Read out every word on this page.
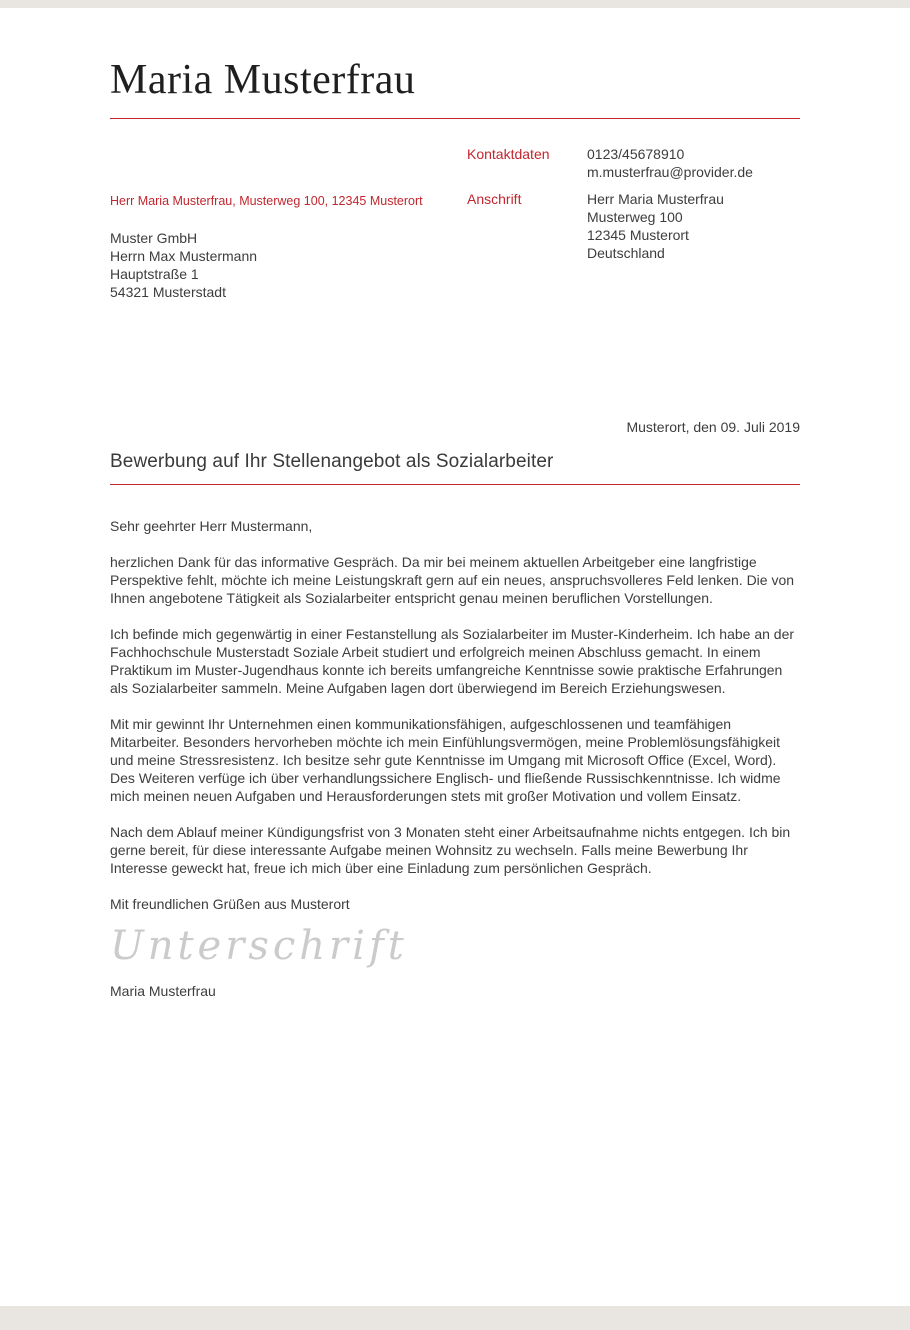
Maria Musterfrau
Kontaktdaten	0123/45678910
m.musterfrau@provider.de
Herr Maria Musterfrau, Musterweg 100, 12345 Musterort	Anschrift	Herr Maria Musterfrau
Musterweg 100
12345 Musterort
Deutschland
Muster GmbH
Herrn Max Mustermann
Hauptstraße 1
54321 Musterstadt
Musterort, den 09. Juli 2019
Bewerbung auf Ihr Stellenangebot als Sozialarbeiter

Sehr geehrter Herr Mustermann,

herzlichen Dank für das informative Gespräch. Da mir bei meinem aktuellen Arbeitgeber eine langfristige Perspektive fehlt, möchte ich meine Leistungskraft gern auf ein neues, anspruchsvolleres Feld lenken. Die von Ihnen angebotene Tätigkeit als Sozialarbeiter entspricht genau meinen beruflichen Vorstellungen.

Ich befinde mich gegenwärtig in einer Festanstellung als Sozialarbeiter im Muster-Kinderheim. Ich habe an der Fachhochschule Musterstadt Soziale Arbeit studiert und erfolgreich meinen Abschluss gemacht. In einem Praktikum im Muster-Jugendhaus konnte ich bereits umfangreiche Kenntnisse sowie praktische Erfahrungen als Sozialarbeiter sammeln. Meine Aufgaben lagen dort überwiegend im Bereich Erziehungswesen.

Mit mir gewinnt Ihr Unternehmen einen kommunikationsfähigen, aufgeschlossenen und teamfähigen Mitarbeiter. Besonders hervorheben möchte ich mein Einfühlungsvermögen, meine Problemlösungsfähigkeit und meine Stressresistenz. Ich besitze sehr gute Kenntnisse im Umgang mit Microsoft Office (Excel, Word). Des Weiteren verfüge ich über verhandlungssichere Englisch- und fließende Russischkenntnisse. Ich widme mich meinen neuen Aufgaben und Herausforderungen stets mit großer Motivation und vollem Einsatz.

Nach dem Ablauf meiner Kündigungsfrist von 3 Monaten steht einer Arbeitsaufnahme nichts entgegen. Ich bin gerne bereit, für diese interessante Aufgabe meinen Wohnsitz zu wechseln. Falls meine Bewerbung Ihr Interesse geweckt hat, freue ich mich über eine Einladung zum persönlichen Gespräch.

Mit freundlichen Grüßen aus Musterort

Unterschrift
Maria Musterfrau
